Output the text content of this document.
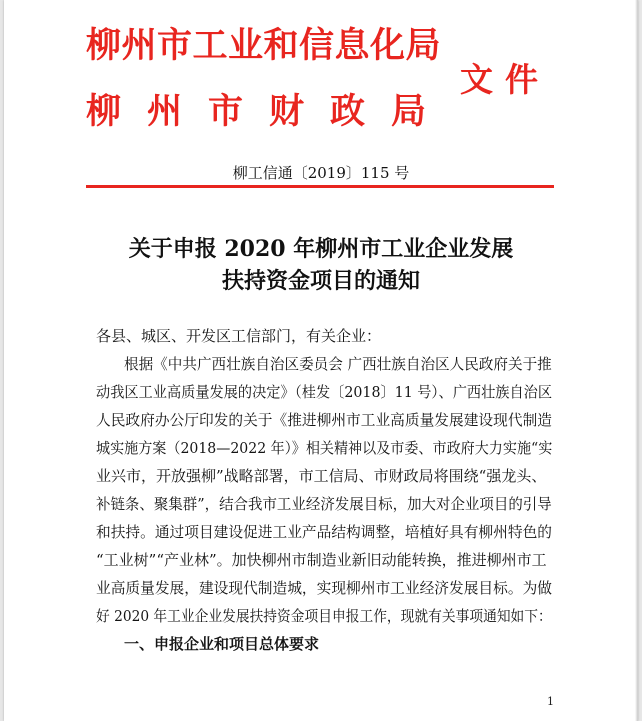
柳州市工业和信息化局
柳州市财政局
文件
柳工信通〔2019〕115 号
关于申报 2020 年柳州市工业企业发展
扶持资金项目的通知
各县、城区、开发区工信部门，有关企业：
根据《中共广西壮族自治区委员会 广西壮族自治区人民政府关于推
动我区工业高质量发展的决定》（桂发〔2018〕11 号）、广西壮族自治区
人民政府办公厅印发的关于《推进柳州市工业高质量发展建设现代制造
城实施方案（2018—2022 年）》相关精神以及市委、市政府大力实施“实
业兴市，开放强柳”战略部署，市工信局、市财政局将围绕“强龙头、
补链条、聚集群”，结合我市工业经济发展目标，加大对企业项目的引导
和扶持。通过项目建设促进工业产品结构调整，培植好具有柳州特色的
“工业树”“产业林”。加快柳州市制造业新旧动能转换，推进柳州市工
业高质量发展，建设现代制造城，实现柳州市工业经济发展目标。为做
好 2020 年工业企业发展扶持资金项目申报工作，现就有关事项通知如下：
一、申报企业和项目总体要求
1
